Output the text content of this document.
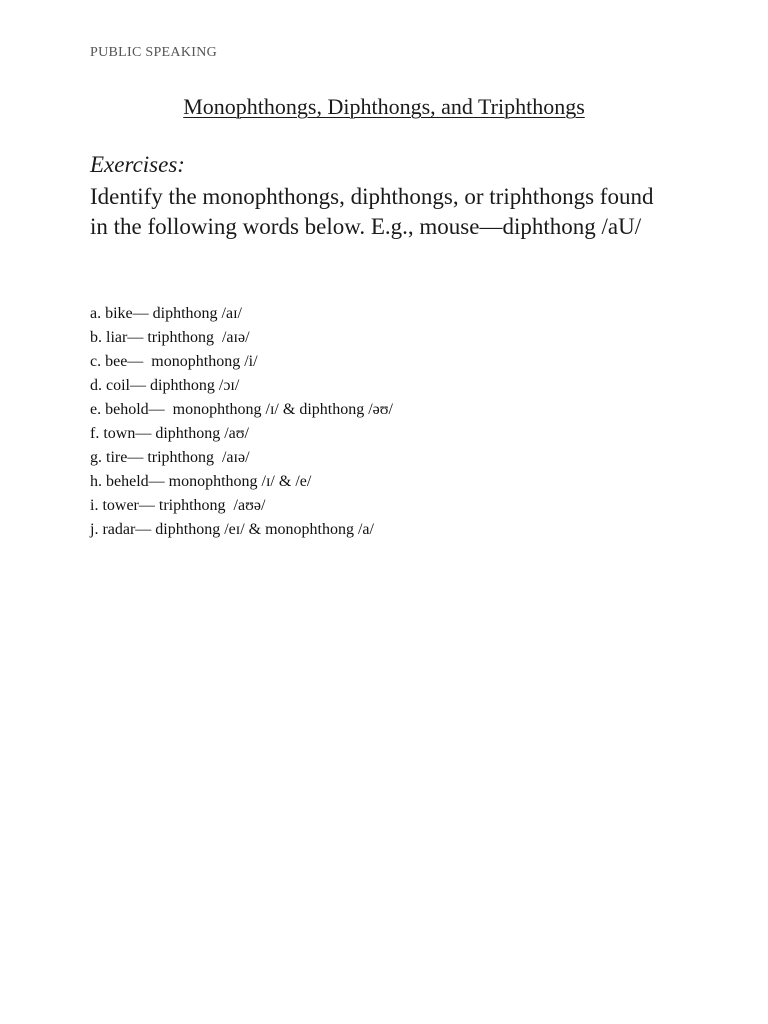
PUBLIC SPEAKING
Monophthongs, Diphthongs, and Triphthongs
Exercises:
Identify the monophthongs, diphthongs, or triphthongs found in the following words below. E.g., mouse—diphthong /aU/
a. bike— diphthong /aɪ/
b. liar— triphthong  /aɪə/
c. bee—  monophthong /i/
d. coil— diphthong /ɔɪ/
e. behold—  monophthong /ɪ/ & diphthong /əʊ/
f. town— diphthong /aʊ/
g. tire— triphthong  /aɪə/
h. beheld— monophthong /ɪ/ & /e/
i. tower— triphthong  /aʊə/
j. radar— diphthong /eɪ/ & monophthong /a/
